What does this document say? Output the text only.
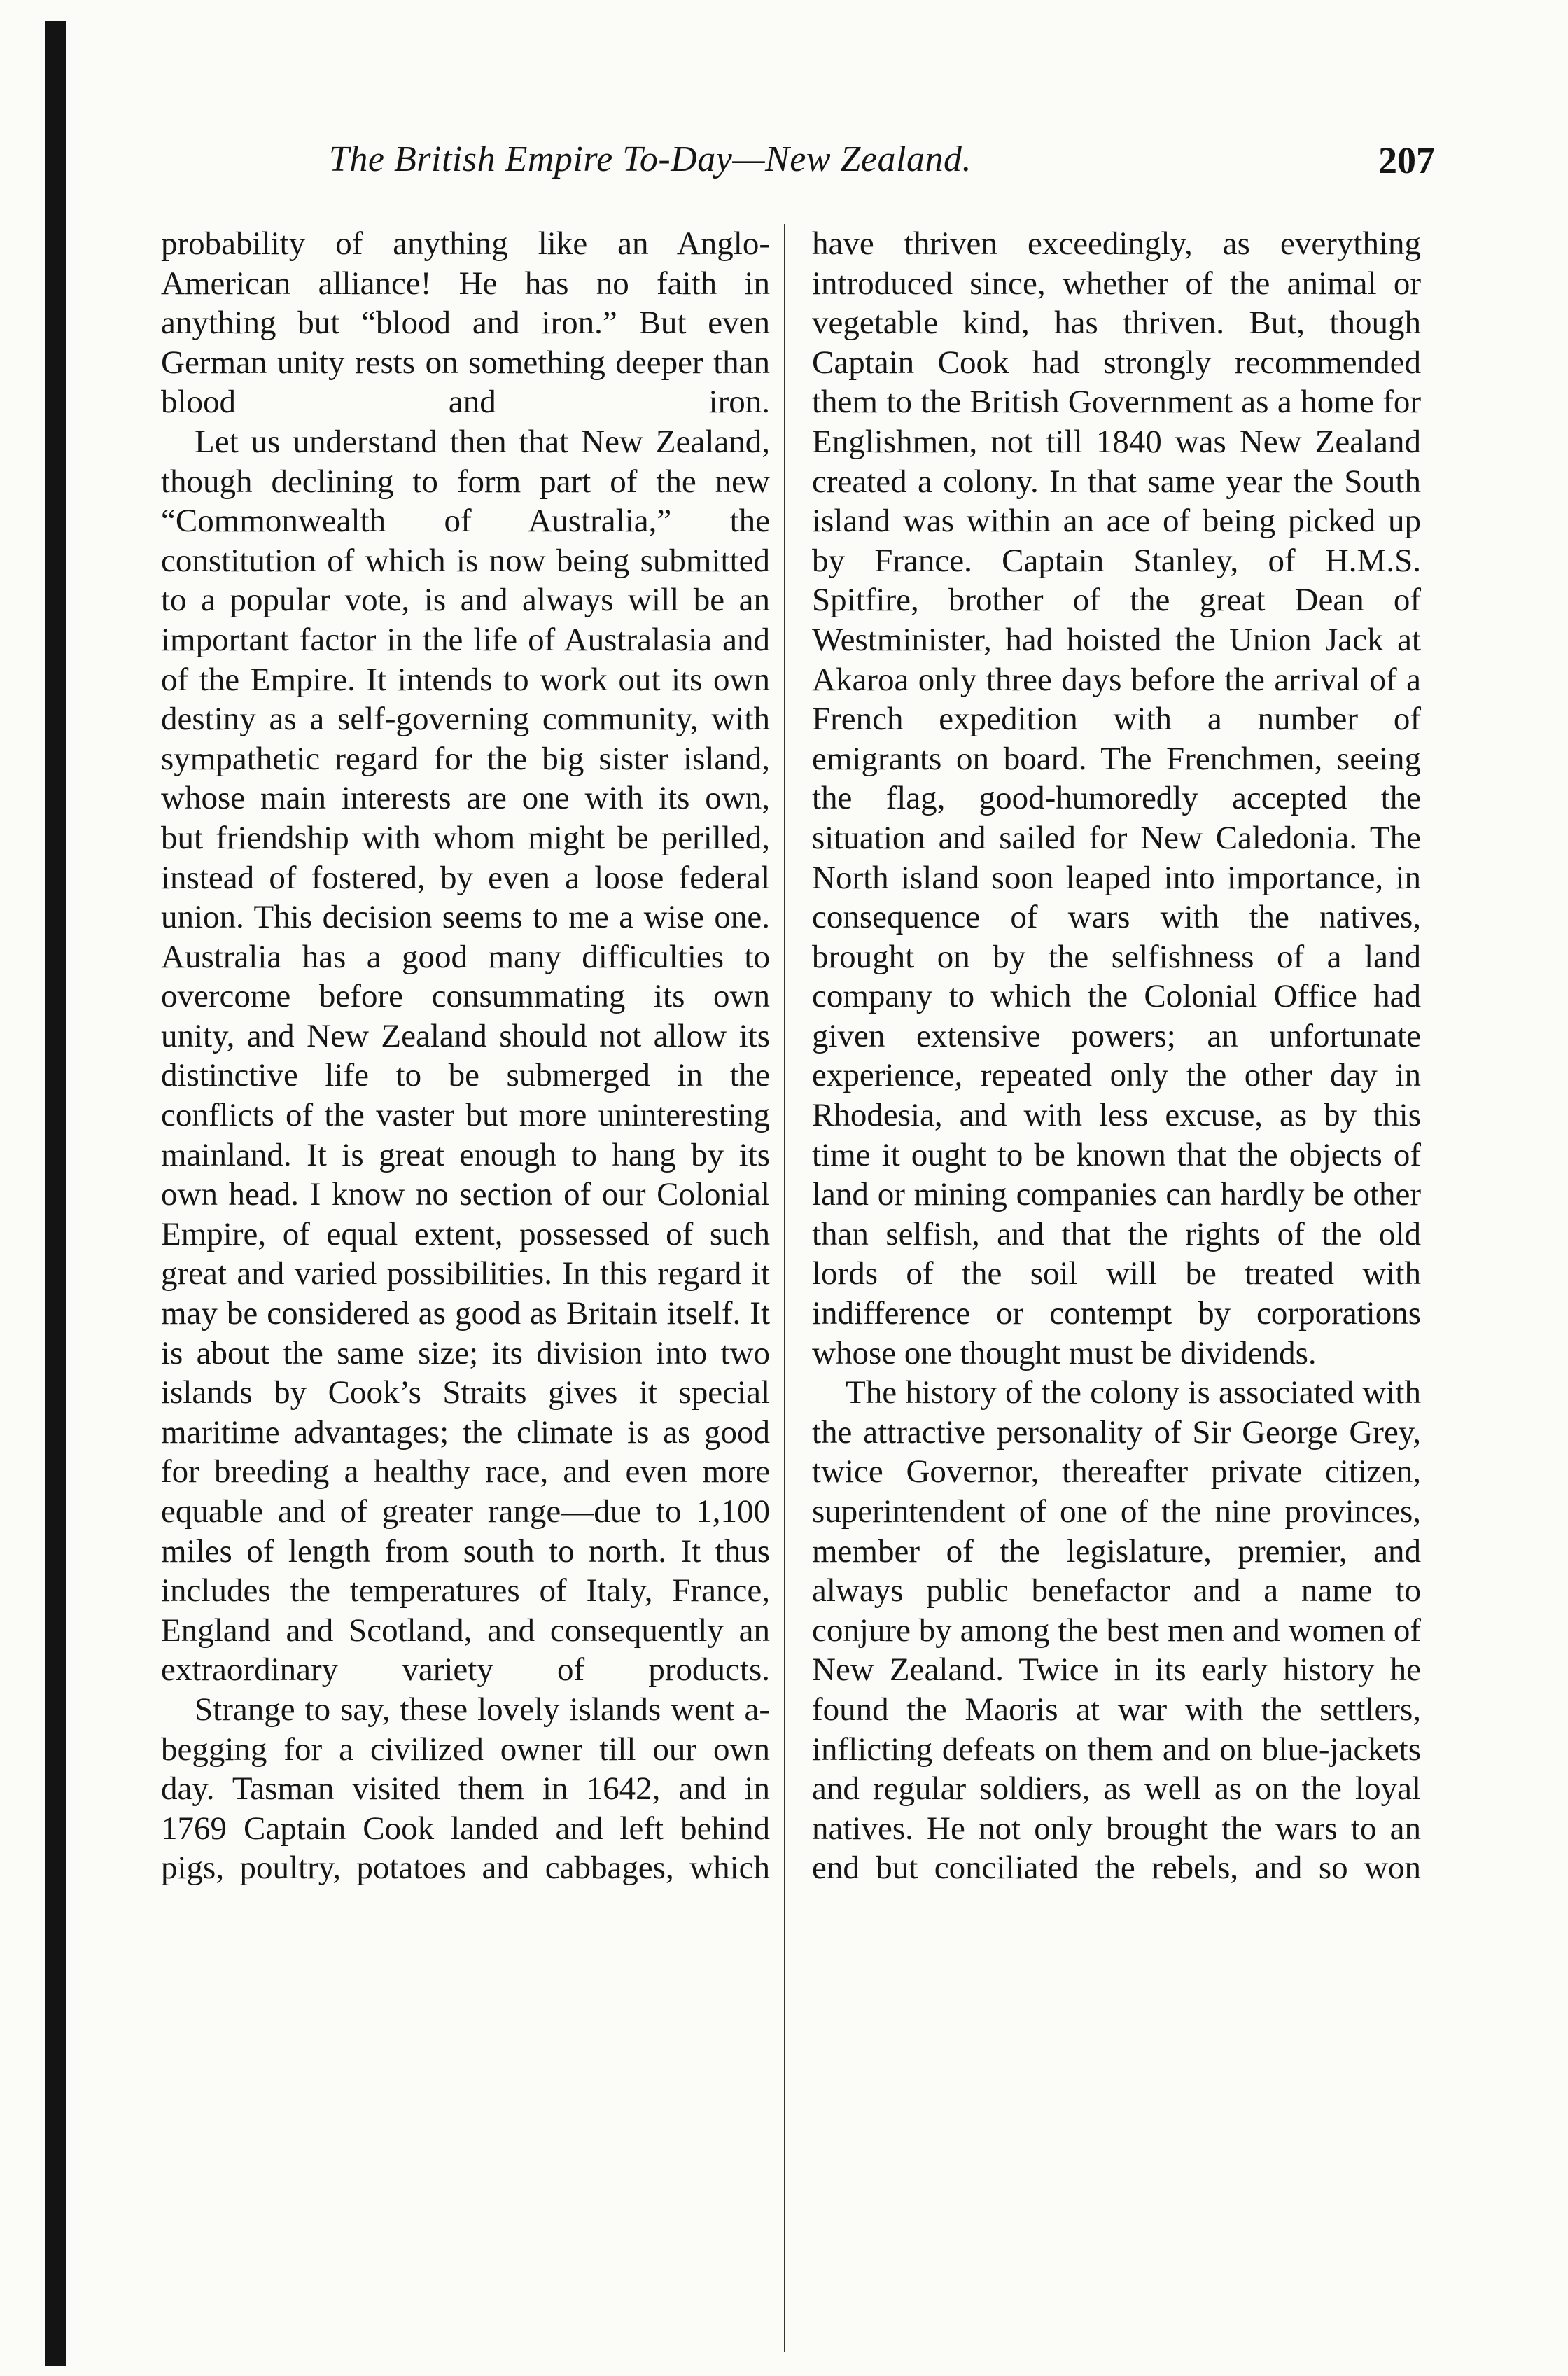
The British Empire To-Day—New Zealand.	207

probability of anything like an Anglo-American alliance! He has no faith in anything but “blood and iron.” But even German unity rests on something deeper than blood and iron.

Let us understand then that New Zealand, though declining to form part of the new “Commonwealth of Australia,” the constitution of which is now being submitted to a popular vote, is and always will be an important factor in the life of Australasia and of the Empire. It intends to work out its own destiny as a self-governing community, with sympathetic regard for the big sister island, whose main interests are one with its own, but friendship with whom might be perilled, instead of fostered, by even a loose federal union. This decision seems to me a wise one. Australia has a good many difficulties to overcome before consummating its own unity, and New Zealand should not allow its distinctive life to be submerged in the conflicts of the vaster but more uninteresting mainland. It is great enough to hang by its own head. I know no section of our Colonial Empire, of equal extent, possessed of such great and varied possibilities. In this regard it may be considered as good as Britain itself. It is about the same size; its division into two islands by Cook’s Straits gives it special maritime advantages; the climate is as good for breeding a healthy race, and even more equable and of greater range—due to 1,100 miles of length from south to north. It thus includes the temperatures of Italy, France, England and Scotland, and consequently an extraordinary variety of products.

Strange to say, these lovely islands went a-begging for a civilized owner till our own day. Tasman visited them in 1642, and in 1769 Captain Cook landed and left behind pigs, poultry, potatoes and cabbages, which

have thriven exceedingly, as everything introduced since, whether of the animal or vegetable kind, has thriven. But, though Captain Cook had strongly recommended them to the British Government as a home for Englishmen, not till 1840 was New Zealand created a colony. In that same year the South island was within an ace of being picked up by France. Captain Stanley, of H.M.S. Spitfire, brother of the great Dean of Westminister, had hoisted the Union Jack at Akaroa only three days before the arrival of a French expedition with a number of emigrants on board. The Frenchmen, seeing the flag, good-humoredly accepted the situation and sailed for New Caledonia. The North island soon leaped into importance, in consequence of wars with the natives, brought on by the selfishness of a land company to which the Colonial Office had given extensive powers; an unfortunate experience, repeated only the other day in Rhodesia, and with less excuse, as by this time it ought to be known that the objects of land or mining companies can hardly be other than selfish, and that the rights of the old lords of the soil will be treated with indifference or contempt by corporations whose one thought must be dividends.

The history of the colony is associated with the attractive personality of Sir George Grey, twice Governor, thereafter private citizen, superintendent of one of the nine provinces, member of the legislature, premier, and always public benefactor and a name to conjure by among the best men and women of New Zealand. Twice in its early history he found the Maoris at war with the settlers, inflicting defeats on them and on blue-jackets and regular soldiers, as well as on the loyal natives. He not only brought the wars to an end but conciliated the rebels, and so won
